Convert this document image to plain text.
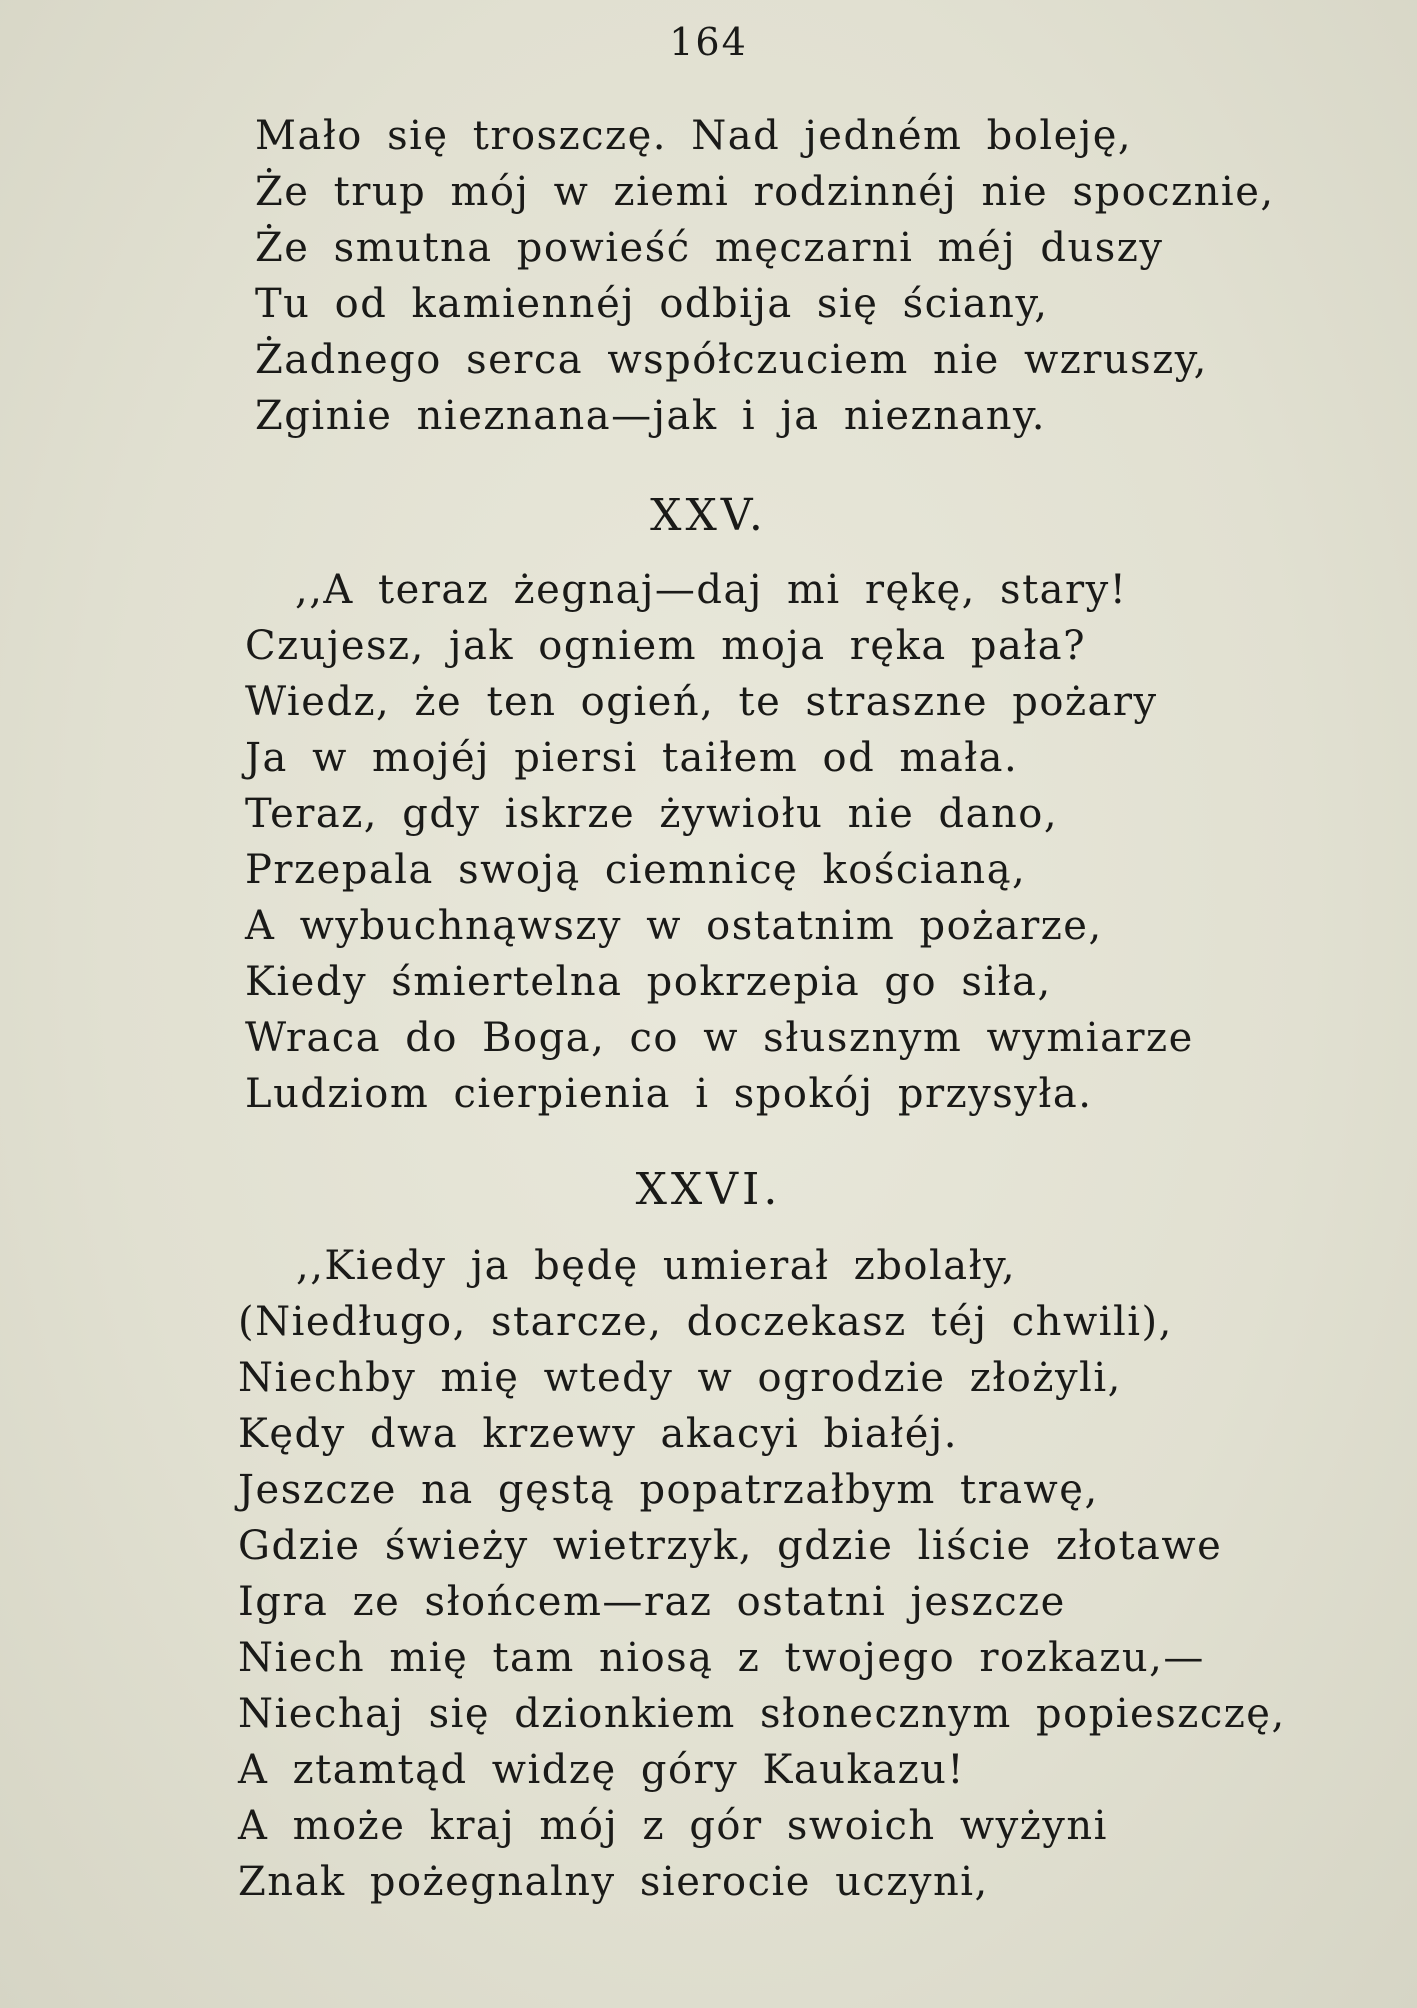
164
Mało się troszczę. Nad jedném boleję,
Że trup mój w ziemi rodzinnéj nie spocznie,
Że smutna powieść męczarni méj duszy
Tu od kamiennéj odbija się ściany,
Żadnego serca współczuciem nie wzruszy,
Zginie nieznana—jak i ja nieznany.
XXV.
,,A teraz żegnaj—daj mi rękę, stary!
Czujesz, jak ogniem moja ręka pała?
Wiedz, że ten ogień, te straszne pożary
Ja w mojéj piersi taiłem od mała.
Teraz, gdy iskrze żywiołu nie dano,
Przepala swoją ciemnicę kościaną,
A wybuchnąwszy w ostatnim pożarze,
Kiedy śmiertelna pokrzepia go siła,
Wraca do Boga, co w słusznym wymiarze
Ludziom cierpienia i spokój przysyła.
XXVI.
,,Kiedy ja będę umierał zbolały,
(Niedługo, starcze, doczekasz téj chwili),
Niechby mię wtedy w ogrodzie złożyli,
Kędy dwa krzewy akacyi białéj.
Jeszcze na gęstą popatrzałbym trawę,
Gdzie świeży wietrzyk, gdzie liście złotawe
Igra ze słońcem—raz ostatni jeszcze
Niech mię tam niosą z twojego rozkazu,—
Niechaj się dzionkiem słonecznym popieszczę,
A ztamtąd widzę góry Kaukazu!
A może kraj mój z gór swoich wyżyni
Znak pożegnalny sierocie uczyni,
